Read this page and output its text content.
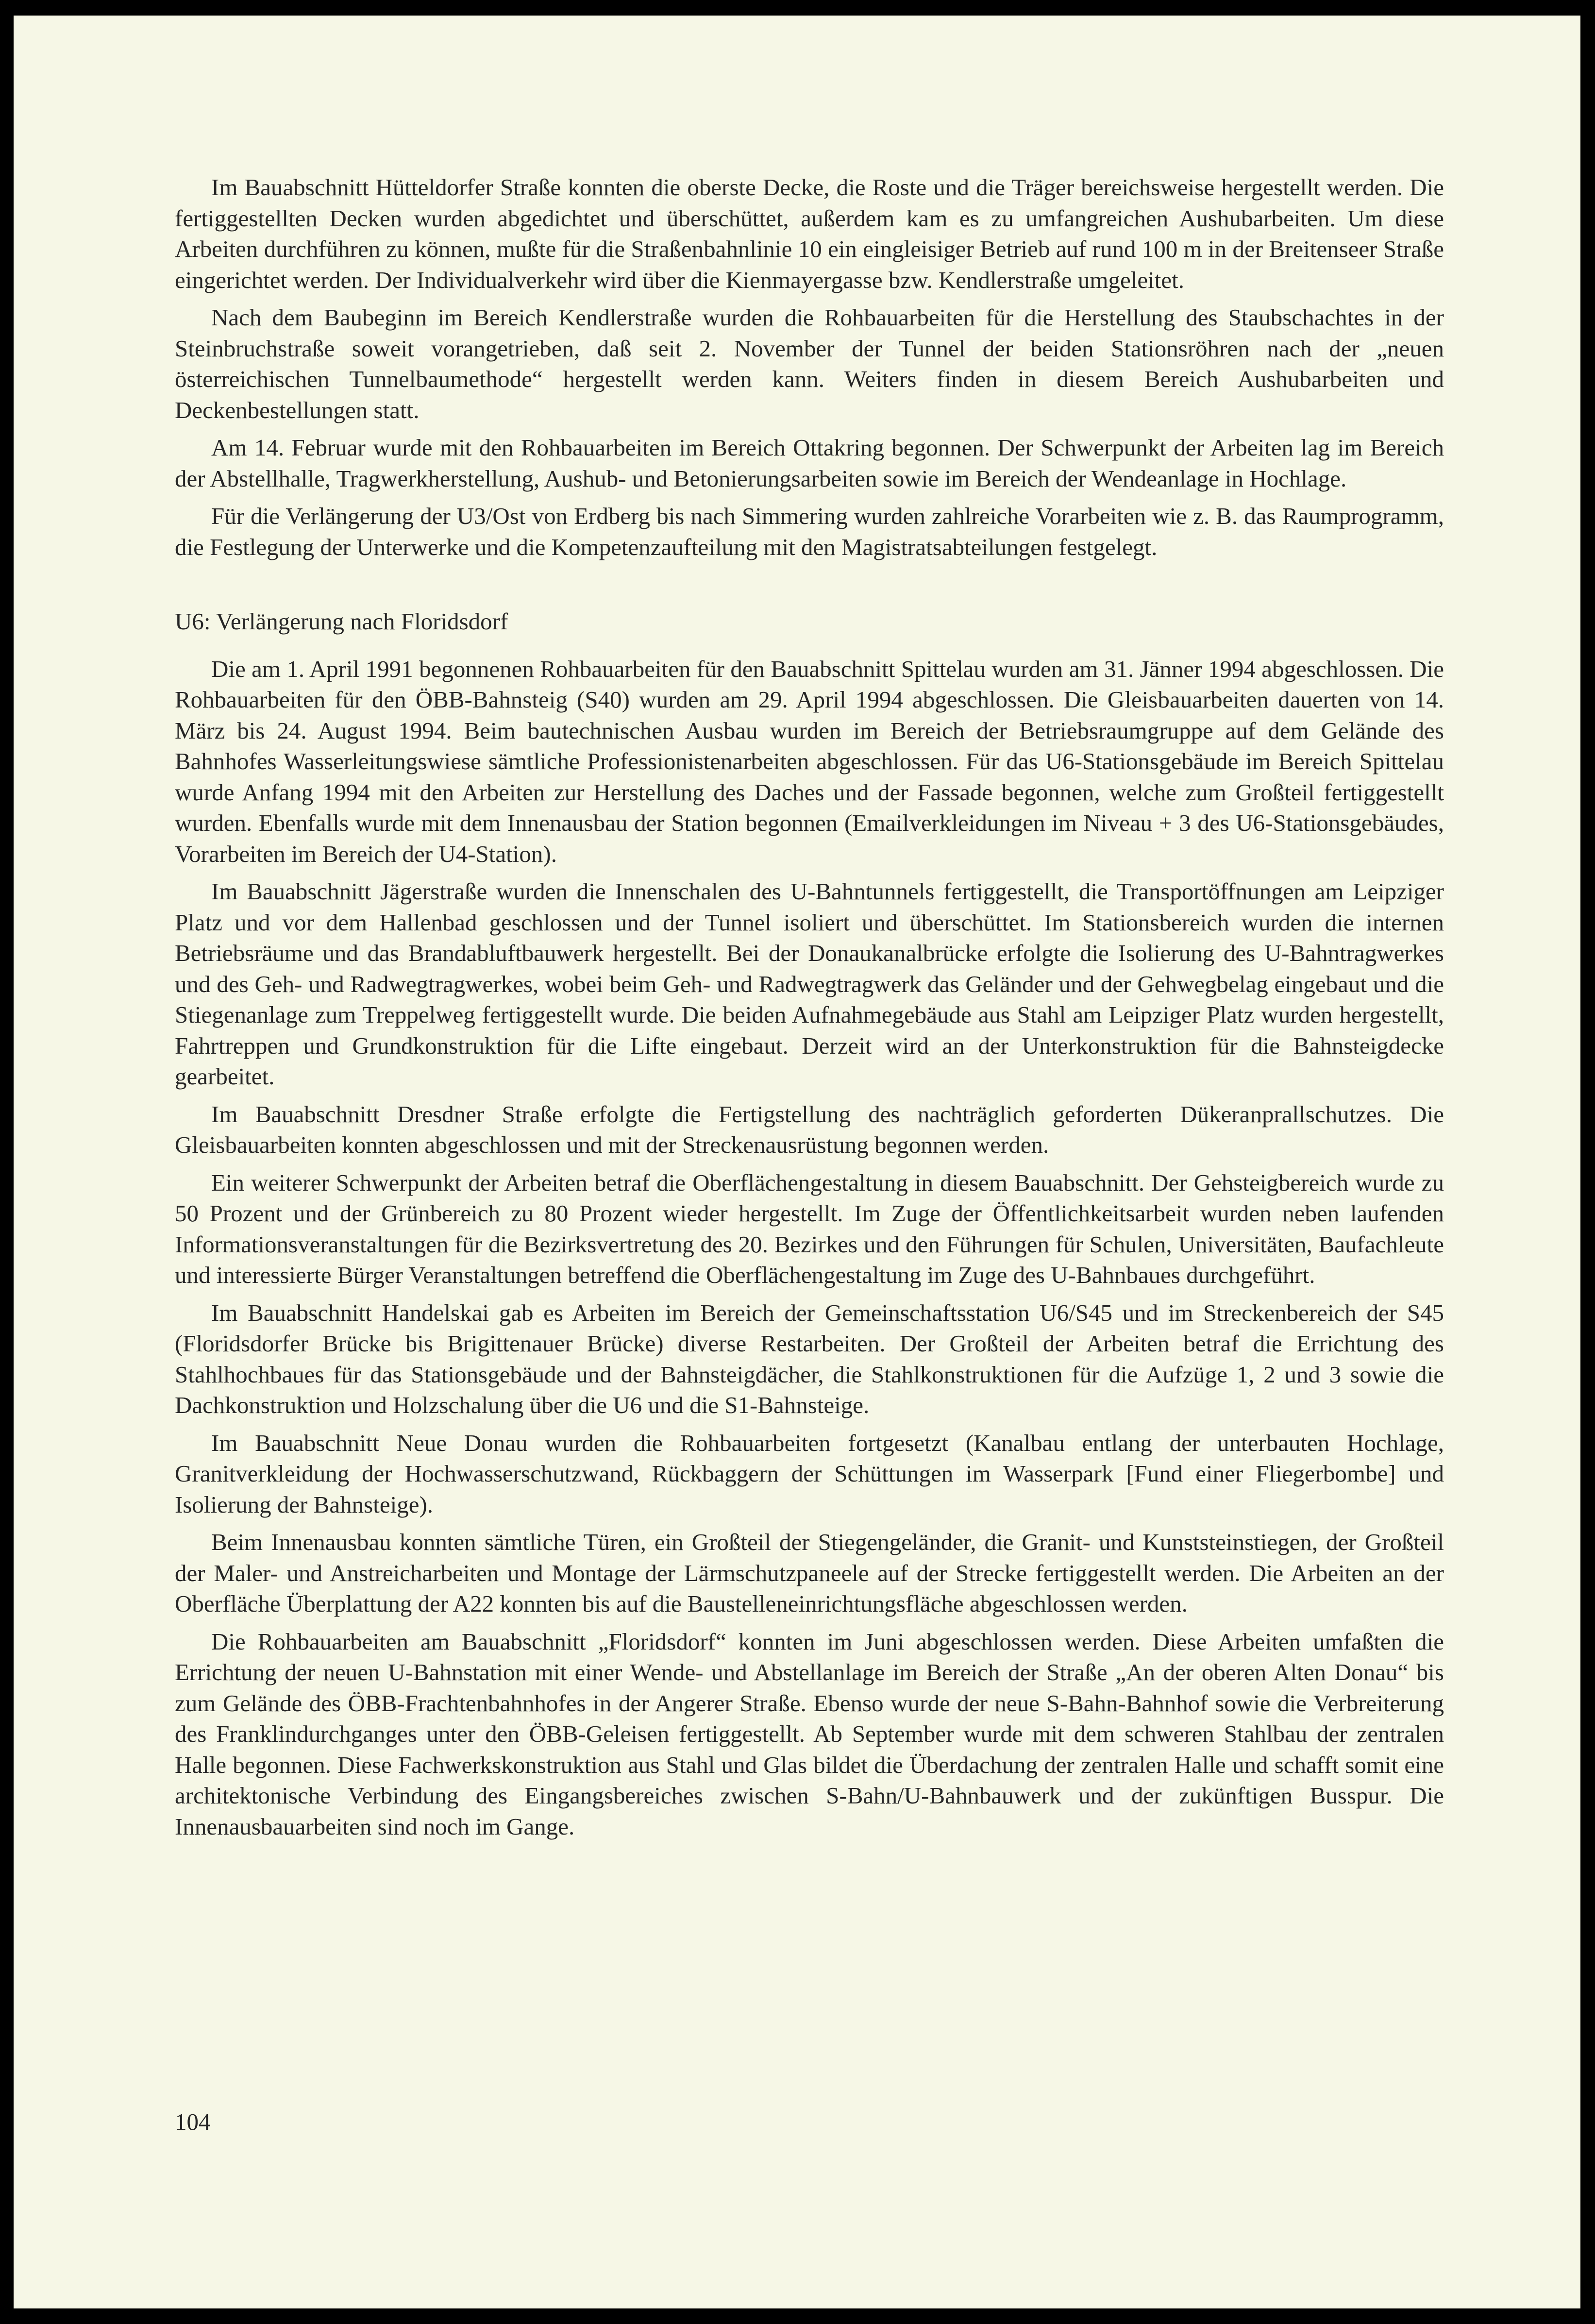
Im Bauabschnitt Hütteldorfer Straße konnten die oberste Decke, die Roste und die Träger bereichsweise hergestellt werden. Die fertiggestellten Decken wurden abgedichtet und überschüttet, außerdem kam es zu umfangreichen Aushubarbeiten. Um diese Arbeiten durchführen zu können, mußte für die Straßenbahnlinie 10 ein eingleisiger Betrieb auf rund 100 m in der Breitenseer Straße eingerichtet werden. Der Individualverkehr wird über die Kienmayergasse bzw. Kendlerstraße umgeleitet.

Nach dem Baubeginn im Bereich Kendlerstraße wurden die Rohbauarbeiten für die Herstellung des Staubschachtes in der Steinbruchstraße soweit vorangetrieben, daß seit 2. November der Tunnel der beiden Stationsröhren nach der „neuen österreichischen Tunnelbaumethode“ hergestellt werden kann. Weiters finden in diesem Bereich Aushubarbeiten und Deckenbestellungen statt.

Am 14. Februar wurde mit den Rohbauarbeiten im Bereich Ottakring begonnen. Der Schwerpunkt der Arbeiten lag im Bereich der Abstellhalle, Tragwerkherstellung, Aushub- und Betonierungsarbeiten sowie im Bereich der Wendeanlage in Hochlage.

Für die Verlängerung der U3/Ost von Erdberg bis nach Simmering wurden zahlreiche Vorarbeiten wie z. B. das Raumprogramm, die Festlegung der Unterwerke und die Kompetenzaufteilung mit den Magistratsabteilungen festgelegt.

U6: Verlängerung nach Floridsdorf

Die am 1. April 1991 begonnenen Rohbauarbeiten für den Bauabschnitt Spittelau wurden am 31. Jänner 1994 abgeschlossen. Die Rohbauarbeiten für den ÖBB-Bahnsteig (S40) wurden am 29. April 1994 abgeschlossen. Die Gleisbauarbeiten dauerten von 14. März bis 24. August 1994. Beim bautechnischen Ausbau wurden im Bereich der Betriebsraumgruppe auf dem Gelände des Bahnhofes Wasserleitungswiese sämtliche Professionistenarbeiten abgeschlossen. Für das U6-Stationsgebäude im Bereich Spittelau wurde Anfang 1994 mit den Arbeiten zur Herstellung des Daches und der Fassade begonnen, welche zum Großteil fertiggestellt wurden. Ebenfalls wurde mit dem Innenausbau der Station begonnen (Emailverkleidungen im Niveau + 3 des U6-Stationsgebäudes, Vorarbeiten im Bereich der U4-Station).

Im Bauabschnitt Jägerstraße wurden die Innenschalen des U-Bahntunnels fertiggestellt, die Transportöffnungen am Leipziger Platz und vor dem Hallenbad geschlossen und der Tunnel isoliert und überschüttet. Im Stationsbereich wurden die internen Betriebsräume und das Brandabluftbauwerk hergestellt. Bei der Donaukanalbrücke erfolgte die Isolierung des U-Bahntragwerkes und des Geh- und Radwegtragwerkes, wobei beim Geh- und Radwegtragwerk das Geländer und der Gehwegbelag eingebaut und die Stiegenanlage zum Treppelweg fertiggestellt wurde. Die beiden Aufnahmegebäude aus Stahl am Leipziger Platz wurden hergestellt, Fahrtreppen und Grundkonstruktion für die Lifte eingebaut. Derzeit wird an der Unterkonstruktion für die Bahnsteigdecke gearbeitet.

Im Bauabschnitt Dresdner Straße erfolgte die Fertigstellung des nachträglich geforderten Dükeranprallschutzes. Die Gleisbauarbeiten konnten abgeschlossen und mit der Streckenausrüstung begonnen werden.

Ein weiterer Schwerpunkt der Arbeiten betraf die Oberflächengestaltung in diesem Bauabschnitt. Der Gehsteigbereich wurde zu 50 Prozent und der Grünbereich zu 80 Prozent wieder hergestellt. Im Zuge der Öffentlichkeitsarbeit wurden neben laufenden Informationsveranstaltungen für die Bezirksvertretung des 20. Bezirkes und den Führungen für Schulen, Universitäten, Baufachleute und interessierte Bürger Veranstaltungen betreffend die Oberflächengestaltung im Zuge des U-Bahnbaues durchgeführt.

Im Bauabschnitt Handelskai gab es Arbeiten im Bereich der Gemeinschaftsstation U6/S45 und im Streckenbereich der S45 (Floridsdorfer Brücke bis Brigittenauer Brücke) diverse Restarbeiten. Der Großteil der Arbeiten betraf die Errichtung des Stahlhochbaues für das Stationsgebäude und der Bahnsteigdächer, die Stahlkonstruktionen für die Aufzüge 1, 2 und 3 sowie die Dachkonstruktion und Holzschalung über die U6 und die S1-Bahnsteige.

Im Bauabschnitt Neue Donau wurden die Rohbauarbeiten fortgesetzt (Kanalbau entlang der unterbauten Hochlage, Granitverkleidung der Hochwasserschutzwand, Rückbaggern der Schüttungen im Wasserpark [Fund einer Fliegerbombe] und Isolierung der Bahnsteige).

Beim Innenausbau konnten sämtliche Türen, ein Großteil der Stiegengeländer, die Granit- und Kunststeinstiegen, der Großteil der Maler- und Anstreicharbeiten und Montage der Lärmschutzpaneele auf der Strecke fertiggestellt werden. Die Arbeiten an der Oberfläche Überplattung der A22 konnten bis auf die Baustelleneinrichtungsfläche abgeschlossen werden.

Die Rohbauarbeiten am Bauabschnitt „Floridsdorf“ konnten im Juni abgeschlossen werden. Diese Arbeiten umfaßten die Errichtung der neuen U-Bahnstation mit einer Wende- und Abstellanlage im Bereich der Straße „An der oberen Alten Donau“ bis zum Gelände des ÖBB-Frachtenbahnhofes in der Angerer Straße. Ebenso wurde der neue S-Bahn-Bahnhof sowie die Verbreiterung des Franklindurchganges unter den ÖBB-Geleisen fertiggestellt. Ab September wurde mit dem schweren Stahlbau der zentralen Halle begonnen. Diese Fachwerkskonstruktion aus Stahl und Glas bildet die Überdachung der zentralen Halle und schafft somit eine architektonische Verbindung des Eingangsbereiches zwischen S-Bahn/U-Bahnbauwerk und der zukünftigen Busspur. Die Innenausbauarbeiten sind noch im Gange.

104
